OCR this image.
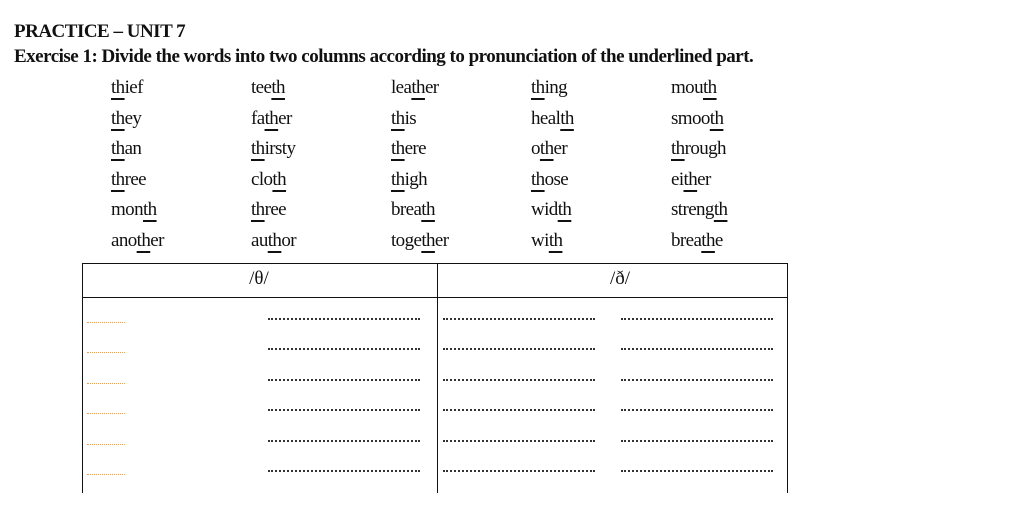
PRACTICE – UNIT 7
Exercise 1: Divide the words into two columns according to pronunciation of the underlined part.
thief	teeth	leather	thing	mouth
they	father	this	health	smooth
than	thirsty	there	other	through
three	cloth	thigh	those	either
month	three	breath	width	strength
another	author	together	with	breathe
/θ/	/ð/
